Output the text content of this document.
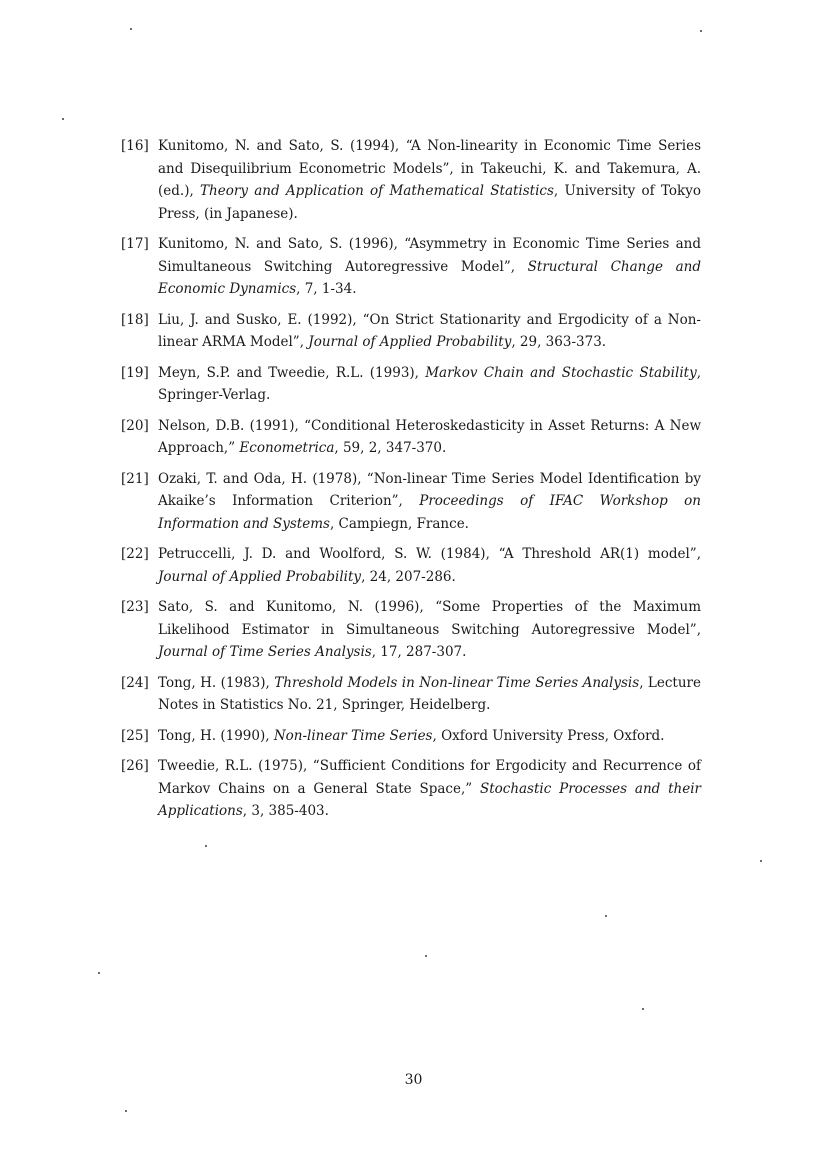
[16] Kunitomo, N. and Sato, S. (1994), “A Non-linearity in Economic Time Series and Disequilibrium Econometric Models”, in Takeuchi, K. and Takemura, A. (ed.), Theory and Application of Mathematical Statistics, University of Tokyo Press, (in Japanese).
[17] Kunitomo, N. and Sato, S. (1996), “Asymmetry in Economic Time Series and Simultaneous Switching Autoregressive Model”, Structural Change and Economic Dynamics, 7, 1-34.
[18] Liu, J. and Susko, E. (1992), “On Strict Stationarity and Ergodicity of a Non-linear ARMA Model”, Journal of Applied Probability, 29, 363-373.
[19] Meyn, S.P. and Tweedie, R.L. (1993), Markov Chain and Stochastic Stability, Springer-Verlag.
[20] Nelson, D.B. (1991), “Conditional Heteroskedasticity in Asset Returns: A New Approach,” Econometrica, 59, 2, 347-370.
[21] Ozaki, T. and Oda, H. (1978), “Non-linear Time Series Model Identification by Akaike’s Information Criterion”, Proceedings of IFAC Workshop on Information and Systems, Campiegn, France.
[22] Petruccelli, J. D. and Woolford, S. W. (1984), “A Threshold AR(1) model”, Journal of Applied Probability, 24, 207-286.
[23] Sato, S. and Kunitomo, N. (1996), “Some Properties of the Maximum Likelihood Estimator in Simultaneous Switching Autoregressive Model”, Journal of Time Series Analysis, 17, 287-307.
[24] Tong, H. (1983), Threshold Models in Non-linear Time Series Analysis, Lecture Notes in Statistics No. 21, Springer, Heidelberg.
[25] Tong, H. (1990), Non-linear Time Series, Oxford University Press, Oxford.
[26] Tweedie, R.L. (1975), “Sufficient Conditions for Ergodicity and Recurrence of Markov Chains on a General State Space,” Stochastic Processes and their Applications, 3, 385-403.
30
